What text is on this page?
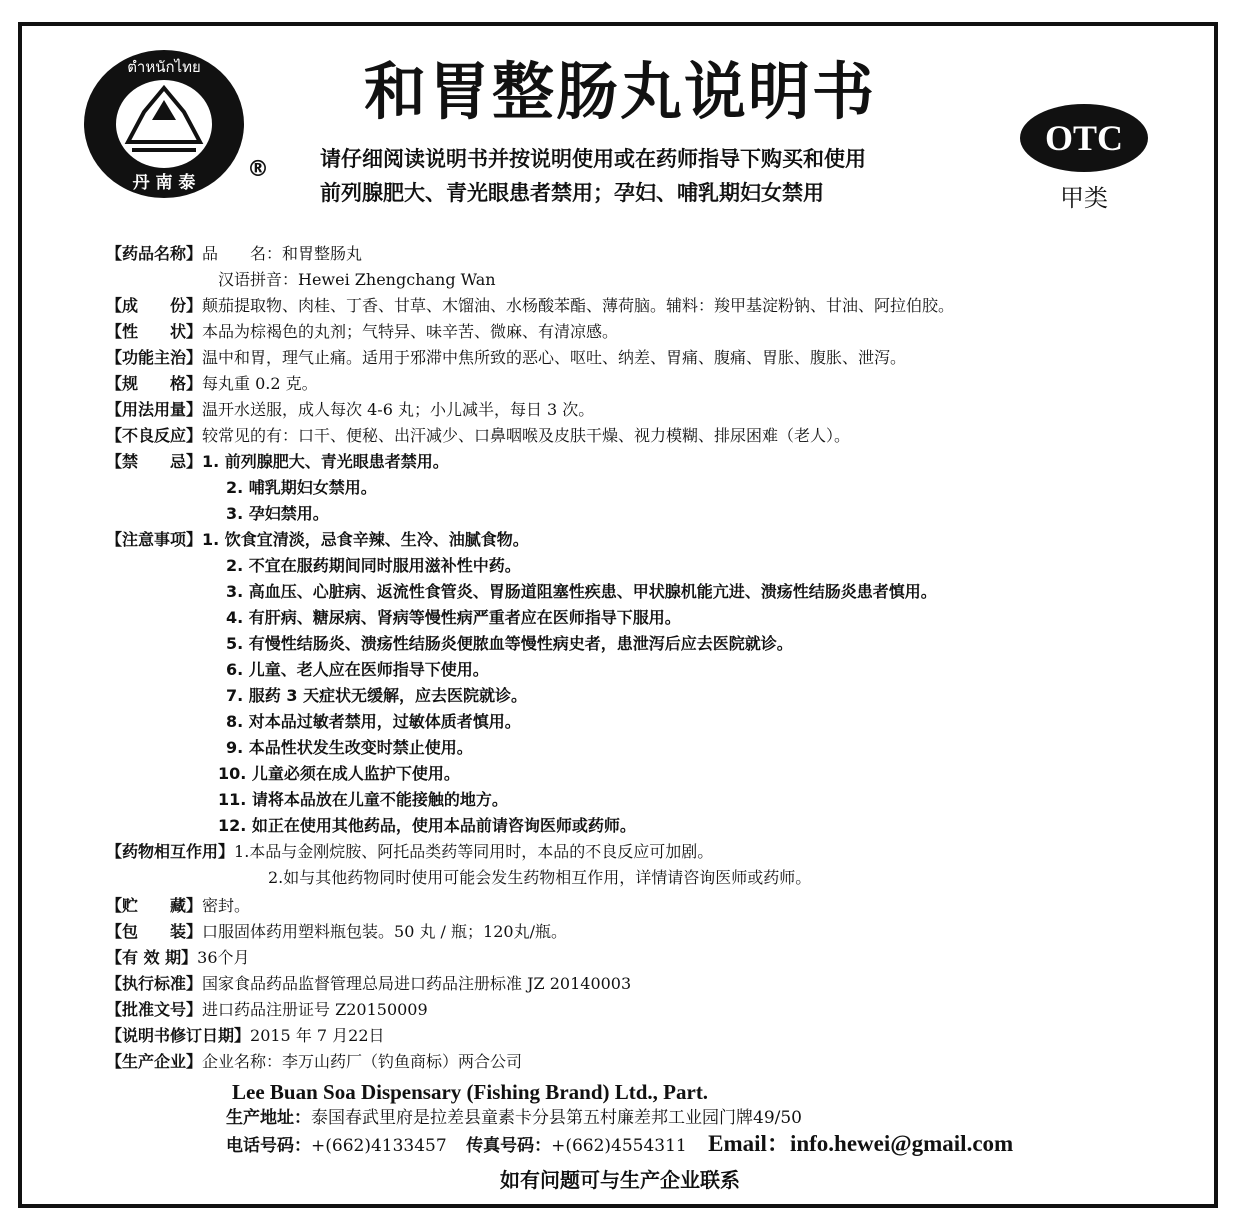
ตำหนักไทย
丹 南 泰
®
和胃整肠丸说明书
请仔细阅读说明书并按说明使用或在药师指导下购买和使用
前列腺肥大、青光眼患者禁用；孕妇、哺乳期妇女禁用
OTC
甲类
【药品名称】品　　名：和胃整肠丸
汉语拼音：Hewei Zhengchang Wan
【成　　份】颠茄提取物、肉桂、丁香、甘草、木馏油、水杨酸苯酯、薄荷脑。辅料：羧甲基淀粉钠、甘油、阿拉伯胶。
【性　　状】本品为棕褐色的丸剂；气特异、味辛苦、微麻、有清凉感。
【功能主治】温中和胃，理气止痛。适用于邪滞中焦所致的恶心、呕吐、纳差、胃痛、腹痛、胃胀、腹胀、泄泻。
【规　　格】每丸重 0.2 克。
【用法用量】温开水送服，成人每次 4-6 丸；小儿减半，每日 3 次。
【不良反应】较常见的有：口干、便秘、出汗减少、口鼻咽喉及皮肤干燥、视力模糊、排尿困难（老人）。
【禁　　忌】1. 前列腺肥大、青光眼患者禁用。
2. 哺乳期妇女禁用。
3. 孕妇禁用。
【注意事项】1. 饮食宜清淡，忌食辛辣、生冷、油腻食物。
2. 不宜在服药期间同时服用滋补性中药。
3. 高血压、心脏病、返流性食管炎、胃肠道阻塞性疾患、甲状腺机能亢进、溃疡性结肠炎患者慎用。
4. 有肝病、糖尿病、肾病等慢性病严重者应在医师指导下服用。
5. 有慢性结肠炎、溃疡性结肠炎便脓血等慢性病史者，患泄泻后应去医院就诊。
6. 儿童、老人应在医师指导下使用。
7. 服药 3 天症状无缓解，应去医院就诊。
8. 对本品过敏者禁用，过敏体质者慎用。
9. 本品性状发生改变时禁止使用。
10. 儿童必须在成人监护下使用。
11. 请将本品放在儿童不能接触的地方。
12. 如正在使用其他药品，使用本品前请咨询医师或药师。
【药物相互作用】1.本品与金刚烷胺、阿托品类药等同用时，本品的不良反应可加剧。
2.如与其他药物同时使用可能会发生药物相互作用，详情请咨询医师或药师。
【贮　　藏】密封。
【包　　装】口服固体药用塑料瓶包装。50 丸 / 瓶；120丸/瓶。
【有 效 期】36个月
【执行标准】国家食品药品监督管理总局进口药品注册标准 JZ 20140003
【批准文号】进口药品注册证号 Z20150009
【说明书修订日期】2015 年 7 月22日
【生产企业】企业名称：李万山药厂（钓鱼商标）两合公司
Lee Buan Soa Dispensary (Fishing Brand) Ltd., Part.
生产地址：泰国春武里府是拉差县童素卡分县第五村廉差邦工业园门牌49/50
电话号码：+(662)4133457 传真号码：+(662)4554311 Email：info.hewei@gmail.com
如有问题可与生产企业联系
